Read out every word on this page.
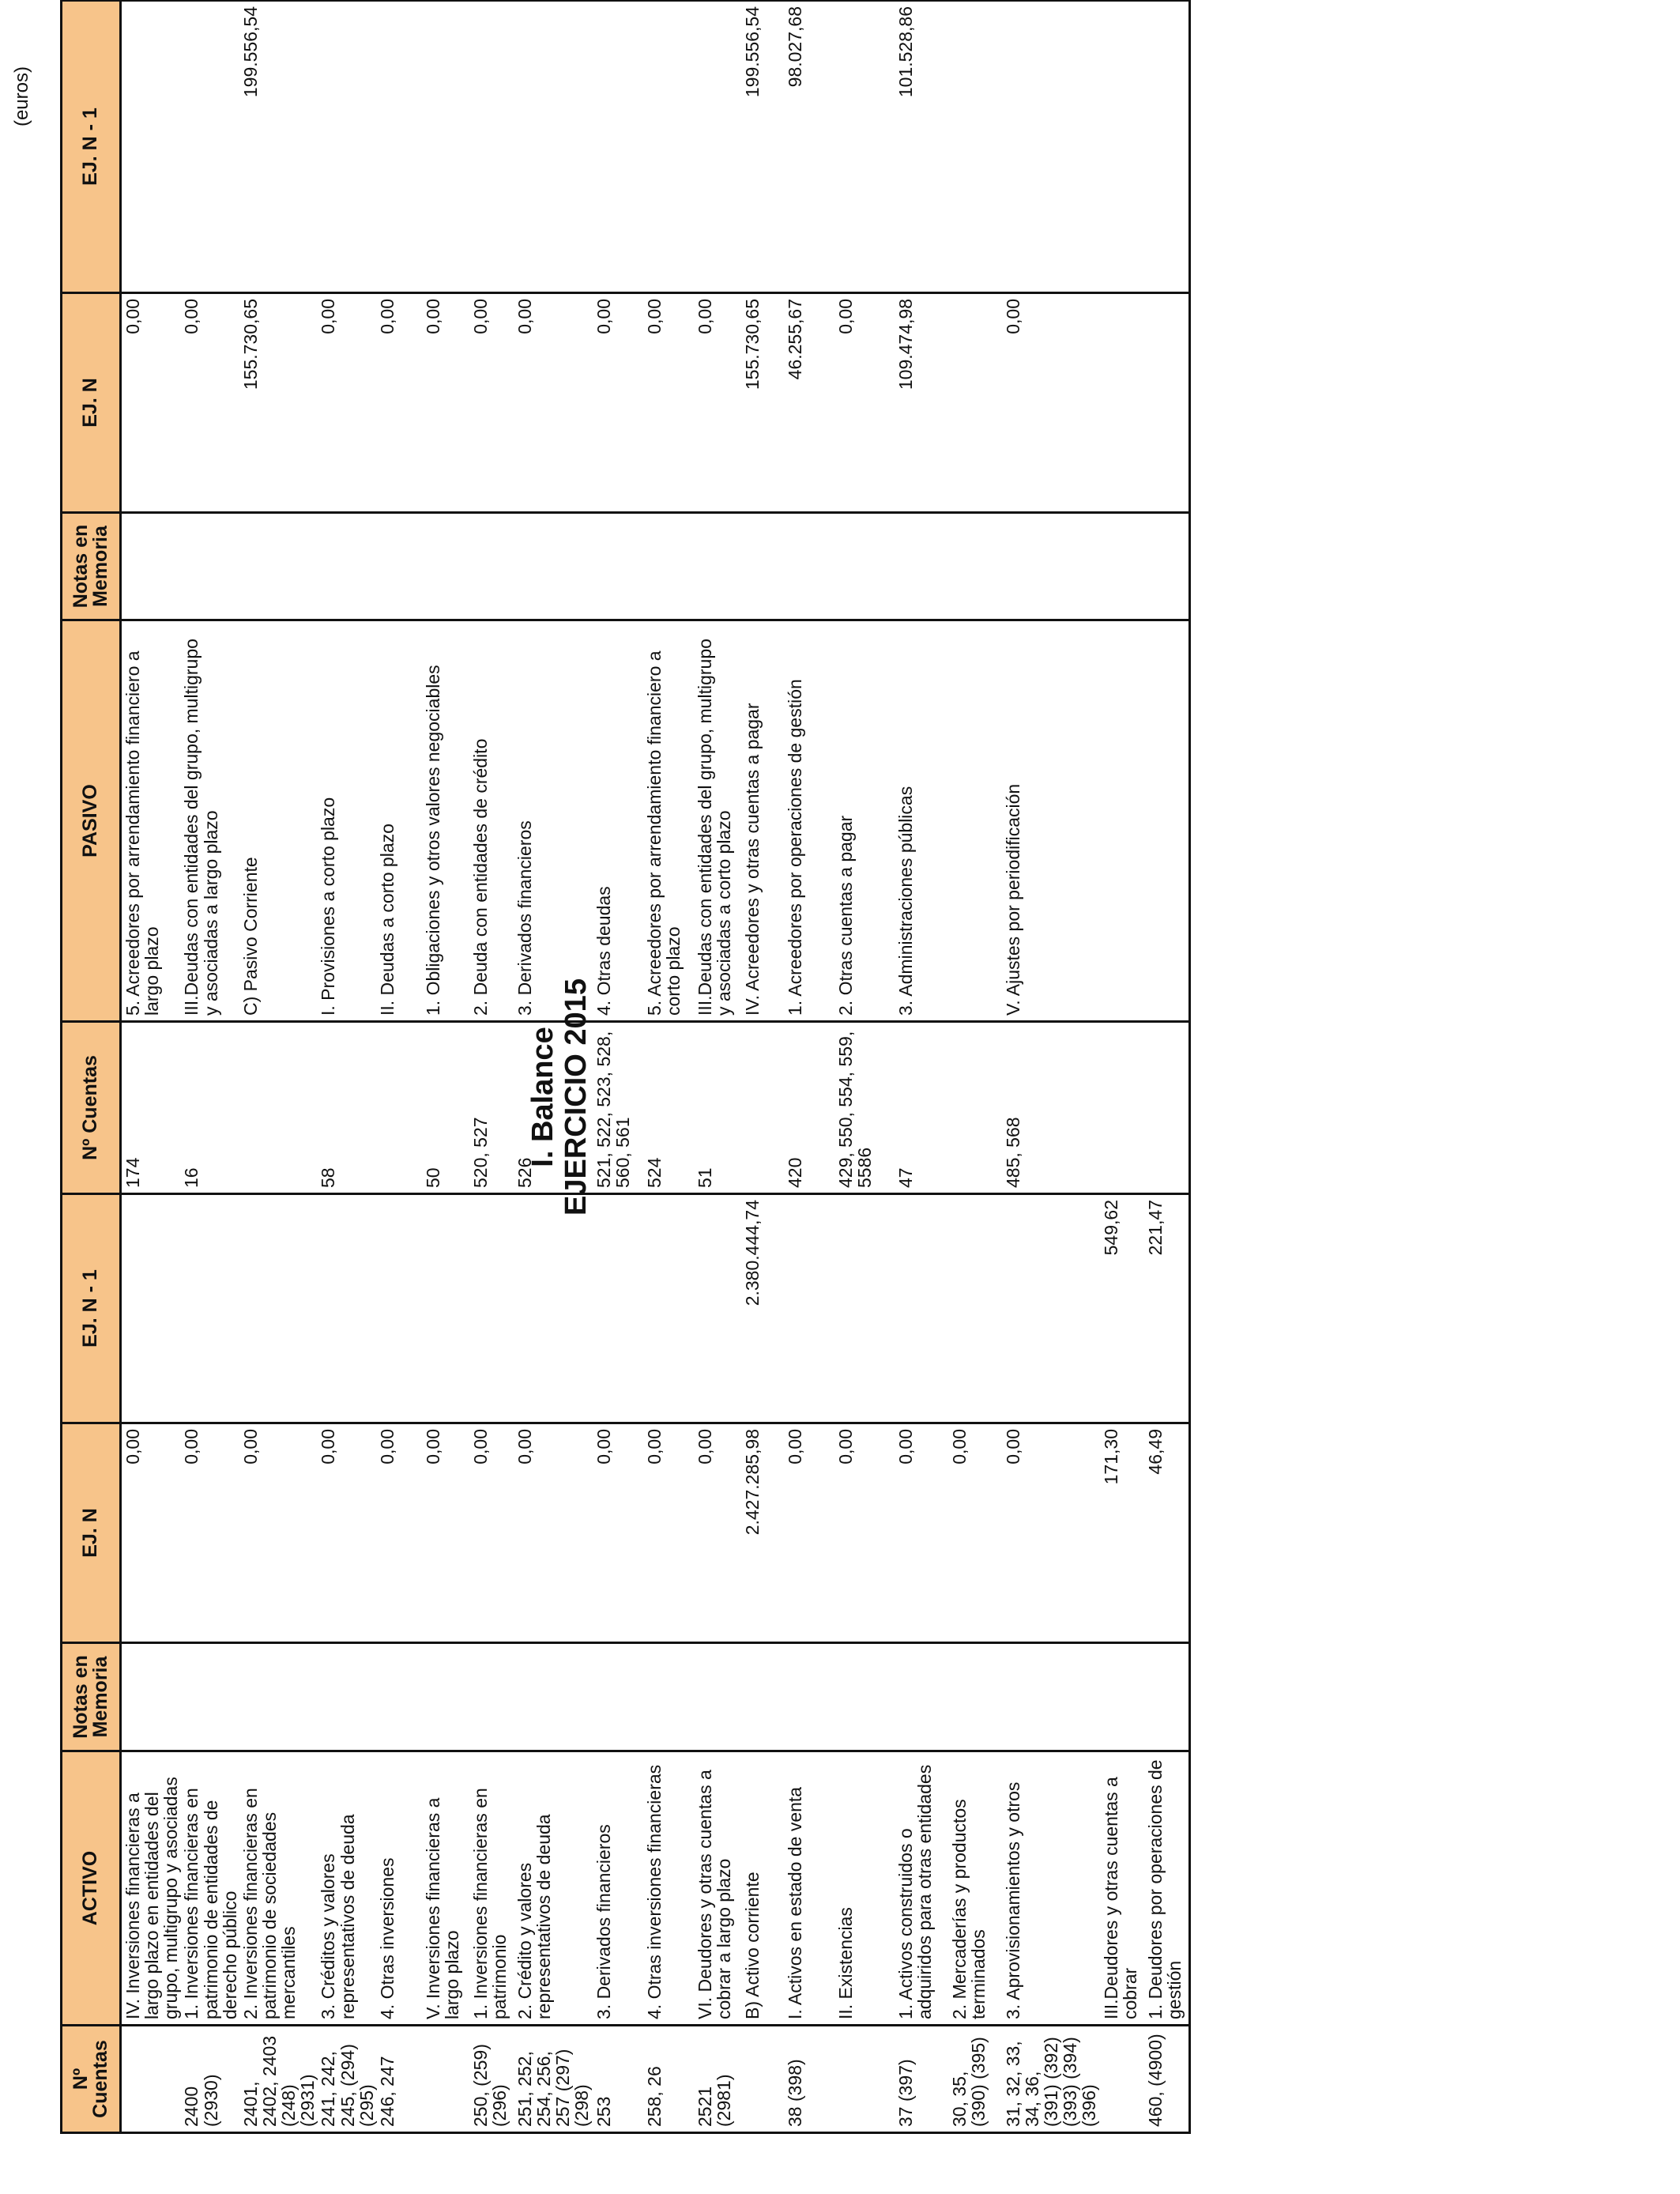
I. Balance EJERCICIO 2015
(euros)
Nº Cuentas	ACTIVO	Notas en Memoria	EJ. N	EJ. N - 1	Nº Cuentas	PASIVO	Notas en Memoria	EJ. N	EJ. N - 1
	IV. Inversiones financieras a largo plazo en entidades del grupo, multigrupo y asociadas		0,00		174	5. Acreedores por arrendamiento financiero a largo plazo		0,00	
2400 (2930)	1. Inversiones financieras en patrimonio de entidades de derecho público		0,00		16	III.Deudas con entidades del grupo, multigrupo y asociadas a largo plazo		0,00	
2401, 2402, 2403 (248) (2931)	2. Inversiones financieras en patrimonio de sociedades mercantiles		0,00			C) Pasivo Corriente		155.730,65	199.556,54
241, 242, 245, (294) (295)	3. Créditos y valores representativos de deuda		0,00		58	I. Provisiones a corto plazo		0,00	
246, 247	4. Otras inversiones		0,00			II. Deudas a corto plazo		0,00	
	V. Inversiones financieras a largo plazo		0,00		50	1. Obligaciones y otros valores negociables		0,00	
250, (259) (296)	1. Inversiones financieras en patrimonio		0,00		520, 527	2. Deuda con entidades de crédito		0,00	
251, 252, 254, 256, 257 (297) (298)	2. Crédito y valores representativos de deuda		0,00		526	3. Derivados financieros		0,00	
253	3. Derivados financieros		0,00		521, 522, 523, 528, 560, 561	4. Otras deudas		0,00	
258, 26	4. Otras inversiones financieras		0,00		524	5. Acreedores por arrendamiento financiero a corto plazo		0,00	
2521 (2981)	VI. Deudores y otras cuentas a cobrar a largo plazo		0,00		51	III.Deudas con entidades del grupo, multigrupo y asociadas a corto plazo		0,00	
	B) Activo corriente		2.427.285,98	2.380.444,74		IV. Acreedores y otras cuentas a pagar		155.730,65	199.556,54
38 (398)	I. Activos en estado de venta		0,00		420	1. Acreedores por operaciones de gestión		46.255,67	98.027,68
	II. Existencias		0,00		429, 550, 554, 559, 5586	2. Otras cuentas a pagar		0,00	
37 (397)	1. Activos construidos o adquiridos para otras entidades		0,00		47	3. Administraciones públicas		109.474,98	101.528,86
30, 35, (390) (395)	2. Mercaderías y productos terminados		0,00						
31, 32, 33, 34, 36, (391) (392) (393) (394) (396)	3. Aprovisionamientos y otros		0,00		485, 568	V. Ajustes por periodificación		0,00	
	III.Deudores y otras cuentas a cobrar		171,30	549,62					
460, (4900)	1. Deudores por operaciones de gestión		46,49	221,47					
